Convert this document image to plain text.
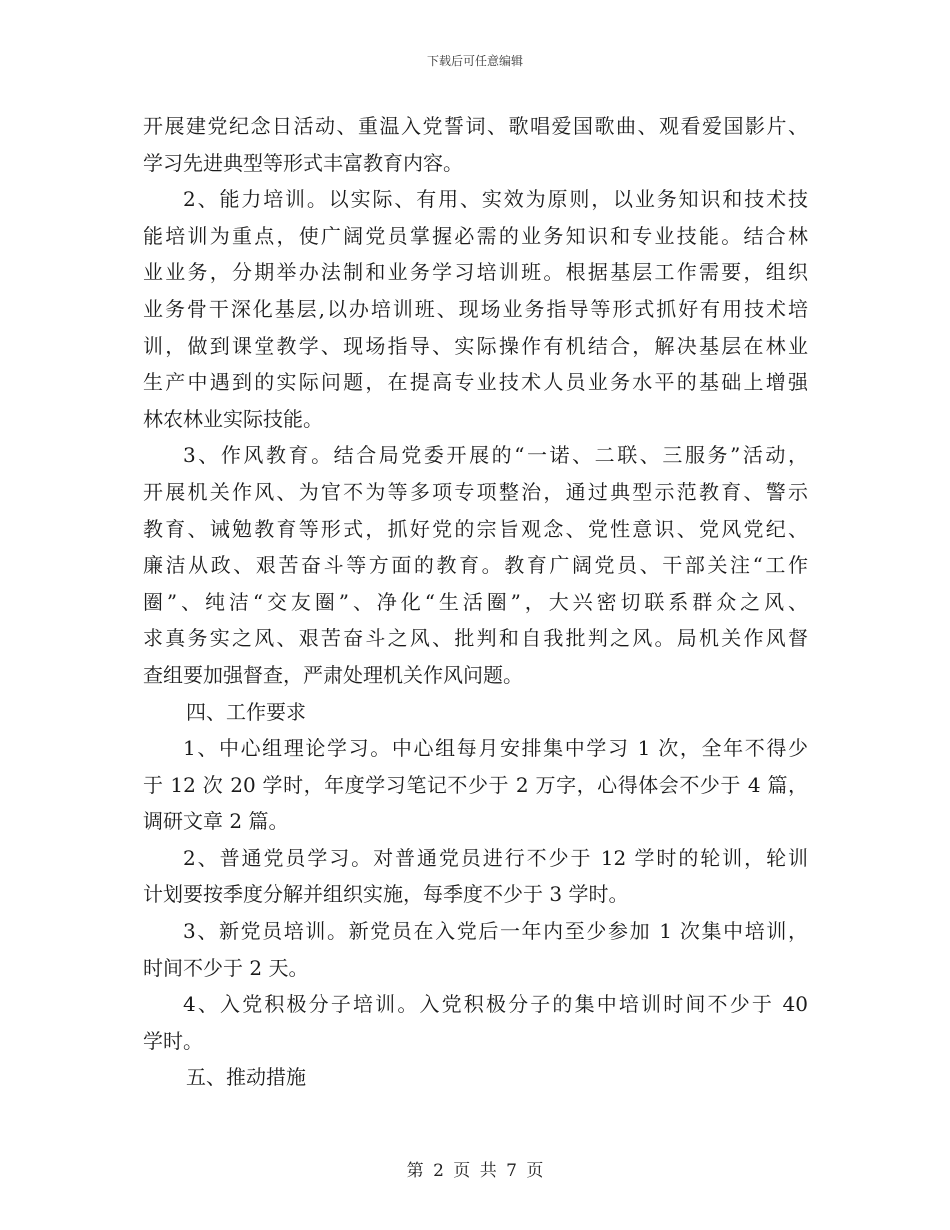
下载后可任意编辑
开展建党纪念日活动、重温入党誓词、歌唱爱国歌曲、观看爱国影片、
学习先进典型等形式丰富教育内容。
2、能力培训。以实际、有用、实效为原则，以业务知识和技术技
能培训为重点，使广阔党员掌握必需的业务知识和专业技能。结合林
业业务，分期举办法制和业务学习培训班。根据基层工作需要，组织
业务骨干深化基层,以办培训班、现场业务指导等形式抓好有用技术培
训，做到课堂教学、现场指导、实际操作有机结合，解决基层在林业
生产中遇到的实际问题，在提高专业技术人员业务水平的基础上增强
林农林业实际技能。
3、作风教育。结合局党委开展的“一诺、二联、三服务”活动，
开展机关作风、为官不为等多项专项整治，通过典型示范教育、警示
教育、诫勉教育等形式，抓好党的宗旨观念、党性意识、党风党纪、
廉洁从政、艰苦奋斗等方面的教育。教育广阔党员、干部关注“工作
圈”、纯洁“交友圈”、净化“生活圈”，大兴密切联系群众之风、
求真务实之风、艰苦奋斗之风、批判和自我批判之风。局机关作风督
查组要加强督查，严肃处理机关作风问题。
四、工作要求
1、中心组理论学习。中心组每月安排集中学习 1 次，全年不得少
于 12 次 20 学时，年度学习笔记不少于 2 万字，心得体会不少于 4 篇，
调研文章 2 篇。
2、普通党员学习。对普通党员进行不少于 12 学时的轮训，轮训
计划要按季度分解并组织实施，每季度不少于 3 学时。
3、新党员培训。新党员在入党后一年内至少参加 1 次集中培训，
时间不少于 2 天。
4、入党积极分子培训。入党积极分子的集中培训时间不少于 40
学时。
五、推动措施
第 2 页 共 7 页
